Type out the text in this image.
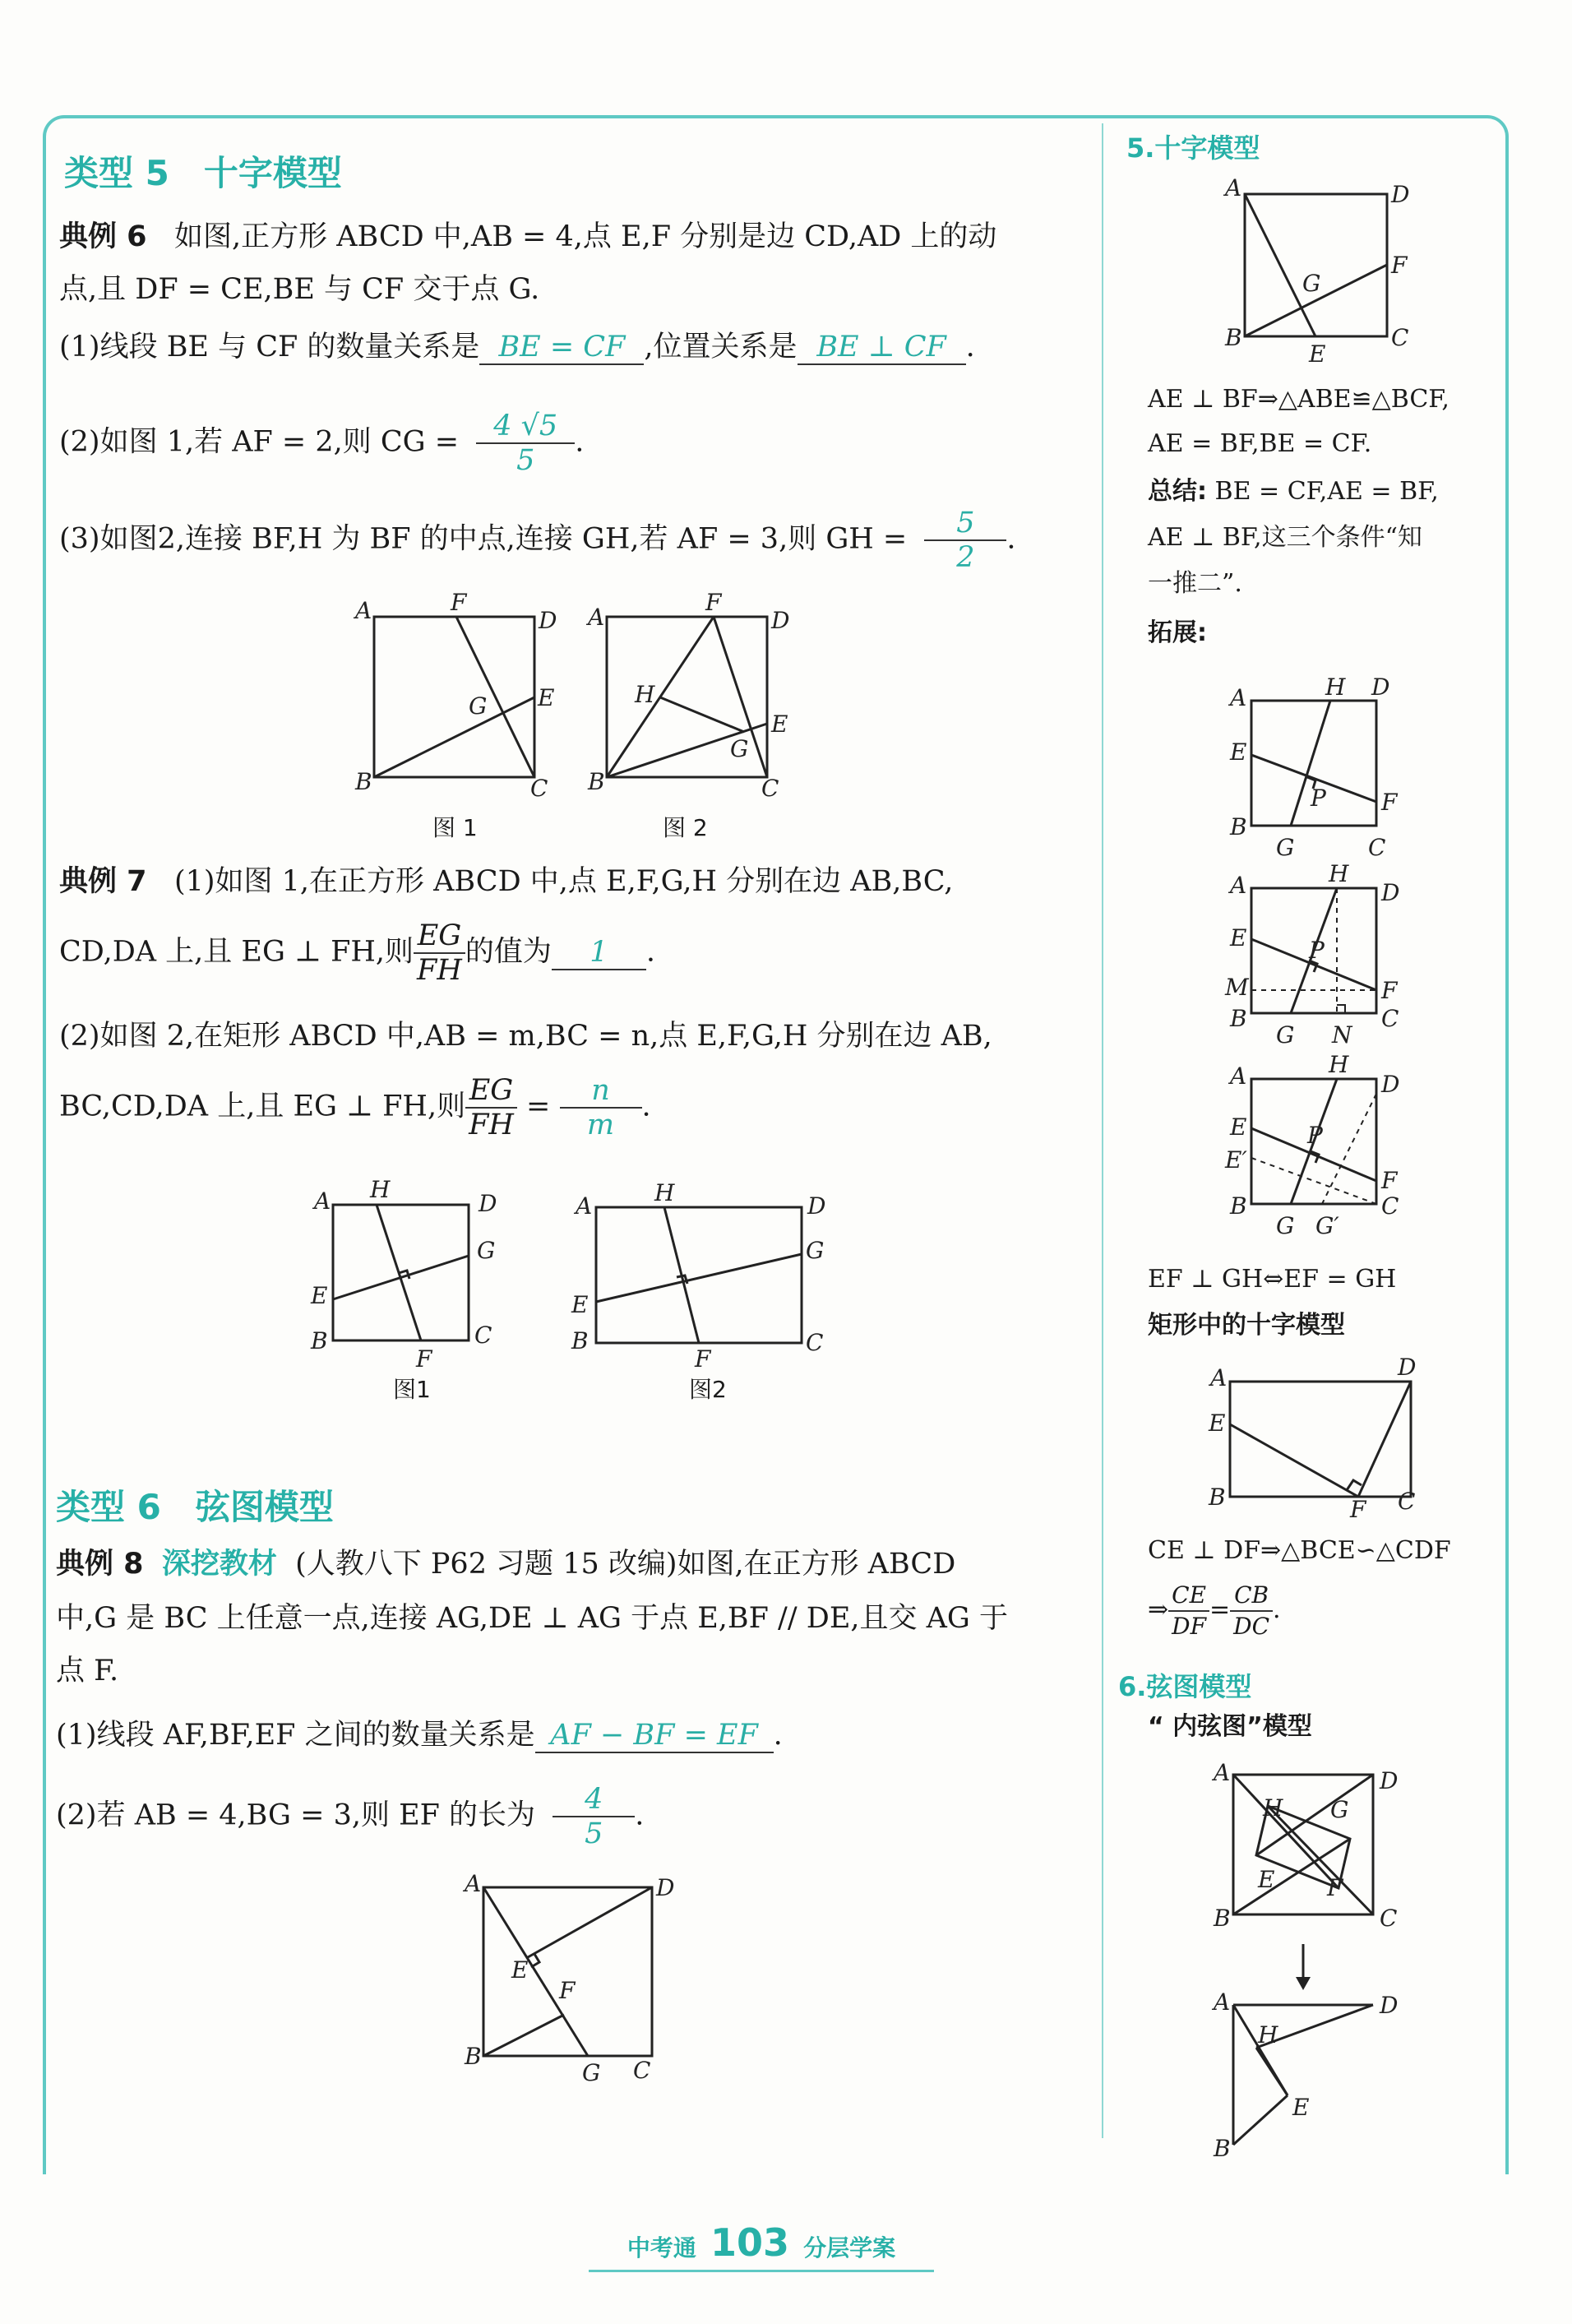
类型 5　十字模型
典例 6 如图,正方形 ABCD 中,AB = 4,点 E,F 分别是边 CD,AD 上的动
点,且 DF = CE,BE 与 CF 交于点 G.
(1)线段 BE 与 CF 的数量关系是 BE = CF ,位置关系是 BE ⊥ CF .
(2)如图 1,若 AF = 2,则 CG = $\frac{4 √5}{5}$ .
(3)如图2,连接 BF,H 为 BF 的中点,连接 GH,若 AF = 3,则 GH = $\frac{5}{2}$ .
A	F
D
E
G
B	C
A
F
D
H
E
G
B	C
图 1	图 2
典例 7 (1)如图 1,在正方形 ABCD 中,点 E,F,G,H 分别在边 AB,BC,
CD,DA 上,且 EG ⊥ FH,则 $\frac{EG}{FH}$ 的值为 1 .
(2)如图 2,在矩形 ABCD 中,AB = m,BC = n,点 E,F,G,H 分别在边 AB,
BC,CD,DA 上,且 EG ⊥ FH,则 $\frac{EG}{FH} = \frac{n}{m}$ .
A H
D
G
E
B	C
F
A	H	D
G
E
B	C
F
图1	图2
类型 6　弦图模型
典例 8 深挖教材 (人教八下 P62 习题 15 改编)如图,在正方形 ABCD
中,G 是 BC 上任意一点,连接 AG,DE ⊥ AG 于点 E,BF // DE,且交 AG 于
点 F.
(1)线段 AF,BF,EF 之间的数量关系是 AF − BF = EF .
(2)若 AB = 4,BG = 3,则 EF 的长为 $\frac{4}{5}$ .
A	D
E
F
B
G C
5.十字模型
A	D
F
G
B	C
E
A	H D
E
P F
B
G	C
A	H
D
E	P
M	F
B
G N
C
A	H
D
E	P
E′
F
B
G G′
C
A	D
E
B	F C
A	D
H G
E F
B	C
A	D
H
E
B
AE ⊥ BF⇒△ABE≌△BCF,
AE = BF,BE = CF.
总结: BE = CF,AE = BF,
AE ⊥ BF,这三个条件“知
一推二”.
拓展:
EF ⊥ GH⇔EF = GH
矩形中的十字模型
CE ⊥ DF⇒△BCE∽△CDF
⇒ $\frac{CE}{DF} = \frac{CB}{DC}$ .
6.弦图模型
“ 内弦图”模型
中考通 103 分层学案
